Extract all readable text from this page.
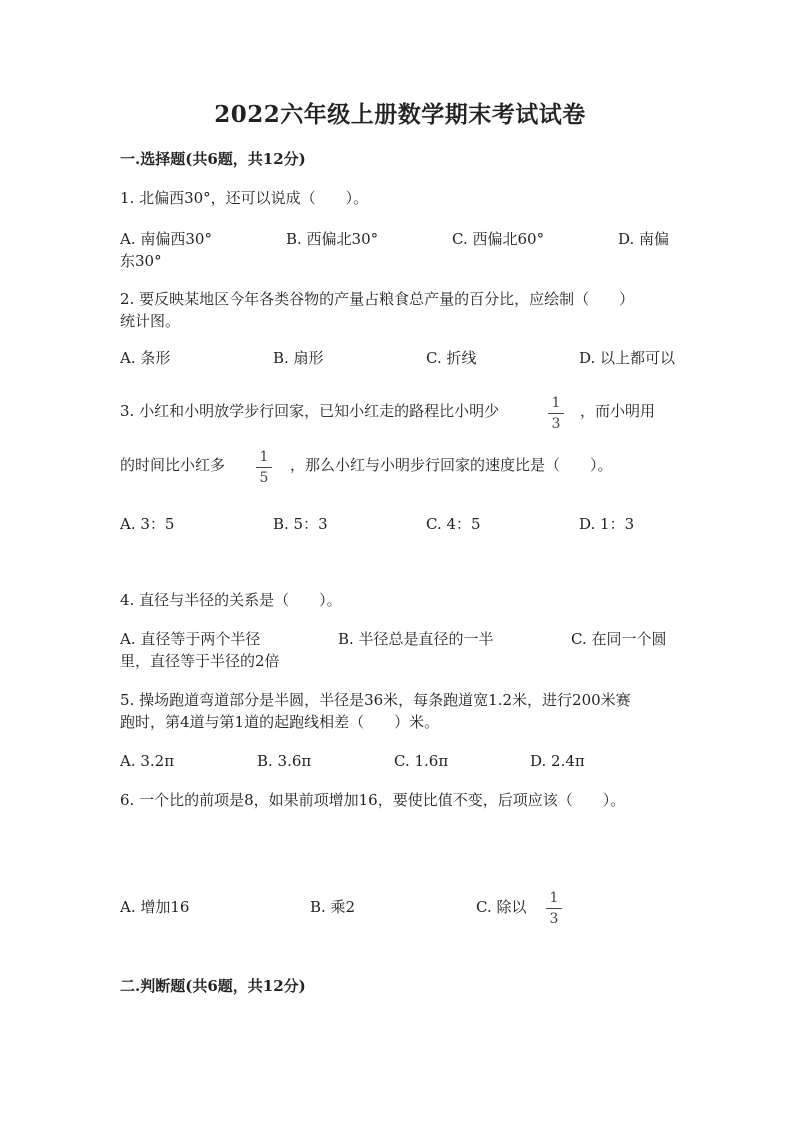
2022六年级上册数学期末考试试卷
一.选择题(共6题，共12分)
1. 北偏西30°，还可以说成（　　）。
A. 南偏西30°	B. 西偏北30°	C. 西偏北60°	D. 南偏
东30°
2. 要反映某地区今年各类谷物的产量占粮食总产量的百分比，应绘制（　　）
统计图。
A. 条形	B. 扇形	C. 折线	D. 以上都可以
3. 小红和小明放学步行回家，已知小红走的路程比小明少	1
3
，而小明用
的时间比小红多	1
5
，那么小红与小明步行回家的速度比是（　　）。
A. 3：5	B. 5：3	C. 4：5	D. 1：3
4. 直径与半径的关系是（　　）。
A. 直径等于两个半径	B. 半径总是直径的一半	C. 在同一个圆
里，直径等于半径的2倍
5. 操场跑道弯道部分是半圆，半径是36米，每条跑道宽1.2米，进行200米赛
跑时，第4道与第1道的起跑线相差（　　）米。
A. 3.2π	B. 3.6π	C. 1.6π	D. 2.4π
6. 一个比的前项是8，如果前项增加16，要使比值不变，后项应该（　　）。
A. 增加16	B. 乘2	C. 除以	1
3
二.判断题(共6题，共12分)
